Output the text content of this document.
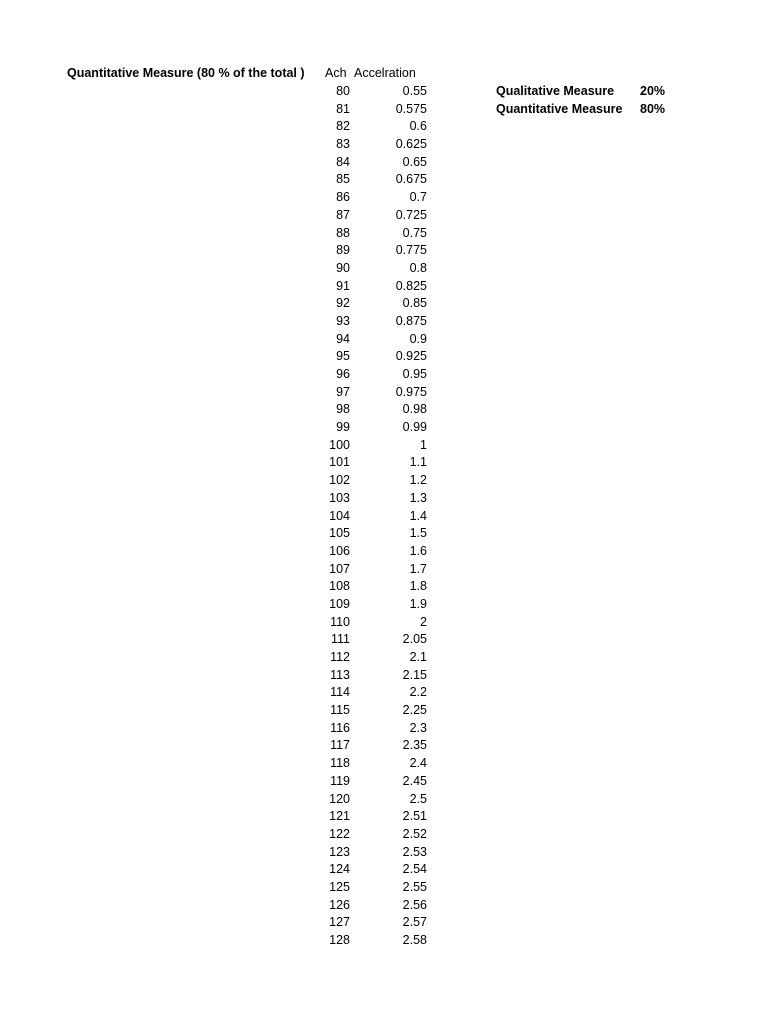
Quantitative Measure (80 % of the total ) Ach Accelration
80	0.55
81	0.575
82	0.6
83	0.625
84	0.65
85	0.675
86	0.7
87	0.725
88	0.75
89	0.775
90	0.8
91	0.825
92	0.85
93	0.875
94	0.9
95	0.925
96	0.95
97	0.975
98	0.98
99	0.99
100	1
101	1.1
102	1.2
103	1.3
104	1.4
105	1.5
106	1.6
107	1.7
108	1.8
109	1.9
110	2
111	2.05
112	2.1
113	2.15
114	2.2
115	2.25
116	2.3
117	2.35
118	2.4
119	2.45
120	2.5
121	2.51
122	2.52
123	2.53
124	2.54
125	2.55
126	2.56
127	2.57
128	2.58
Qualitative Measure 20%
Quantitative Measure 80%
